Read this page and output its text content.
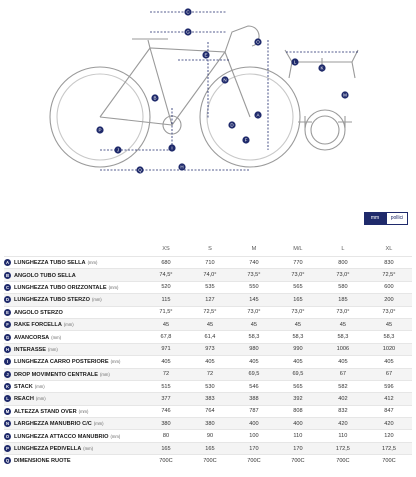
C
G
H
E
D
F
B
P
O
L
K
M
N
J	I
A
Q
mm	pollici
	XS	S	M	M/L	L	XL
A LUNGHEZZA TUBO SELLA (mm)	680	710	740	770	800	830
B ANGOLO TUBO SELLA	74,5°	74,0°	73,5°	73,0°	73,0°	72,5°
C LUNGHEZZA TUBO ORIZZONTALE (mm)	520	535	550	565	580	600
D LUNGHEZZA TUBO STERZO (mm)	115	127	145	165	185	200
E ANGOLO STERZO	71,5°	72,5°	73,0°	73,0°	73,0°	73,0°
F RAKE FORCELLA (mm)	45	45	45	45	45	45
G AVANCORSA (mm)	67,8	61,4	58,3	58,3	58,3	58,3
H INTERASSE (mm)	971	973	980	990	1006	1020
I LUNGHEZZA CARRO POSTERIORE (mm)	405	405	405	405	405	405
J DROP MOVIMENTO CENTRALE (mm)	72	72	69,5	69,5	67	67
K STACK (mm)	515	530	546	565	582	596
L REACH (mm)	377	383	388	392	402	412
M ALTEZZA STAND OVER (mm)	746	764	787	808	832	847
N LARGHEZZA MANUBRIO C/C (mm)	380	380	400	400	420	420
O LUNGHEZZA ATTACCO MANUBRIO (mm)	80	90	100	110	110	120
P LUNGHEZZA PEDIVELLA (mm)	165	165	170	170	172,5	172,5
Q DIMENSIONE RUOTE	700C	700C	700C	700C	700C	700C
